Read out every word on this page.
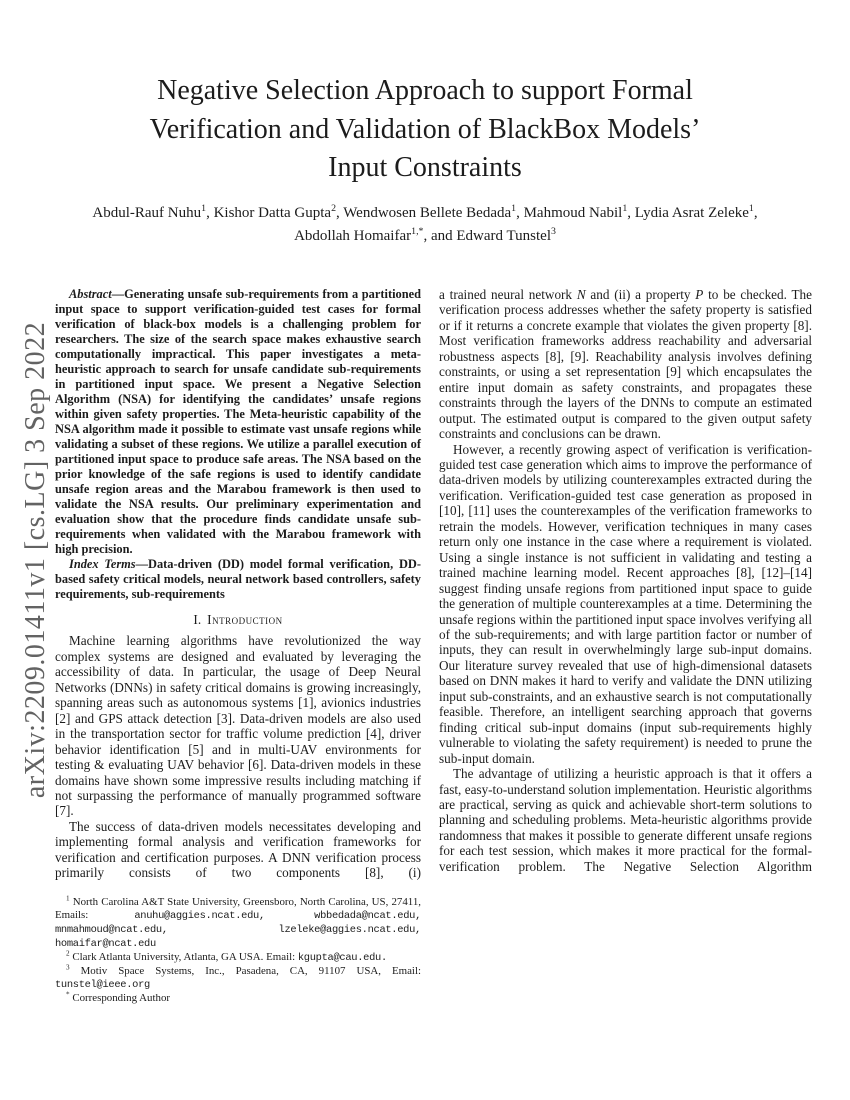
arXiv:2209.01411v1 [cs.LG] 3 Sep 2022
Negative Selection Approach to support Formal
Verification and Validation of BlackBox Models’
Input Constraints
Abdul-Rauf Nuhu$^1$, Kishor Datta Gupta$^2$, Wendwosen Bellete Bedada$^1$, Mahmoud Nabil$^1$, Lydia Asrat Zeleke$^1$,
Abdollah Homaifar$^{1,*}$, and Edward Tunstel$^3$

Abstract—Generating unsafe sub-requirements from a partitioned input space to support verification-guided test cases for formal verification of black-box models is a challenging problem for researchers. The size of the search space makes exhaustive search computationally impractical. This paper investigates a meta-heuristic approach to search for unsafe candidate sub-requirements in partitioned input space. We present a Negative Selection Algorithm (NSA) for identifying the candidates’ unsafe regions within given safety properties. The Meta-heuristic capability of the NSA algorithm made it possible to estimate vast unsafe regions while validating a subset of these regions. We utilize a parallel execution of partitioned input space to produce safe areas. The NSA based on the prior knowledge of the safe regions is used to identify candidate unsafe region areas and the Marabou framework is then used to validate the NSA results. Our preliminary experimentation and evaluation show that the procedure finds candidate unsafe sub-requirements when validated with the Marabou framework with high precision.

Index Terms—Data-driven (DD) model formal verification, DD-based safety critical models, neural network based controllers, safety requirements, sub-requirements

I. Introduction

Machine learning algorithms have revolutionized the way complex systems are designed and evaluated by leveraging the accessibility of data. In particular, the usage of Deep Neural Networks (DNNs) in safety critical domains is growing increasingly, spanning areas such as autonomous systems [1], avionics industries [2] and GPS attack detection [3]. Data-driven models are also used in the transportation sector for traffic volume prediction [4], driver behavior identification [5] and in multi-UAV environments for testing & evaluating UAV behavior [6]. Data-driven models in these domains have shown some impressive results including matching if not surpassing the performance of manually programmed software [7].

The success of data-driven models necessitates developing and implementing formal analysis and verification frameworks for verification and certification purposes. A DNN verification process primarily consists of two components [8], (i)

$^1$ North Carolina A&T State University, Greensboro, North Carolina, US, 27411, Emails: anuhu@aggies.ncat.edu, wbbedada@ncat.edu, mnmahmoud@ncat.edu, lzeleke@aggies.ncat.edu, homaifar@ncat.edu

$^2$ Clark Atlanta University, Atlanta, GA USA. Email: kgupta@cau.edu.

$^3$ Motiv Space Systems, Inc., Pasadena, CA, 91107 USA, Email: tunstel@ieee.org

* Corresponding Author

a trained neural network N and (ii) a property P to be checked. The verification process addresses whether the safety property is satisfied or if it returns a concrete example that violates the given property [8]. Most verification frameworks address reachability and adversarial robustness aspects [8], [9]. Reachability analysis involves defining constraints, or using a set representation [9] which encapsulates the entire input domain as safety constraints, and propagates these constraints through the layers of the DNNs to compute an estimated output. The estimated output is compared to the given output safety constraints and conclusions can be drawn.

However, a recently growing aspect of verification is verification-guided test case generation which aims to improve the performance of data-driven models by utilizing counterexamples extracted during the verification. Verification-guided test case generation as proposed in [10], [11] uses the counterexamples of the verification frameworks to retrain the models. However, verification techniques in many cases return only one instance in the case where a requirement is violated. Using a single instance is not sufficient in validating and testing a trained machine learning model. Recent approaches [8], [12]–[14] suggest finding unsafe regions from partitioned input space to guide the generation of multiple counterexamples at a time. Determining the unsafe regions within the partitioned input space involves verifying all of the sub-requirements; and with large partition factor or number of inputs, they can result in overwhelmingly large sub-input domains. Our literature survey revealed that use of high-dimensional datasets based on DNN makes it hard to verify and validate the DNN utilizing input sub-constraints, and an exhaustive search is not computationally feasible. Therefore, an intelligent searching approach that governs finding critical sub-input domains (input sub-requirements highly vulnerable to violating the safety requirement) is needed to prune the sub-input domain.

The advantage of utilizing a heuristic approach is that it offers a fast, easy-to-understand solution implementation. Heuristic algorithms are practical, serving as quick and achievable short-term solutions to planning and scheduling problems. Meta-heuristic algorithms provide randomness that makes it possible to generate different unsafe regions for each test session, which makes it more practical for the formal-verification problem. The Negative Selection Algorithm
